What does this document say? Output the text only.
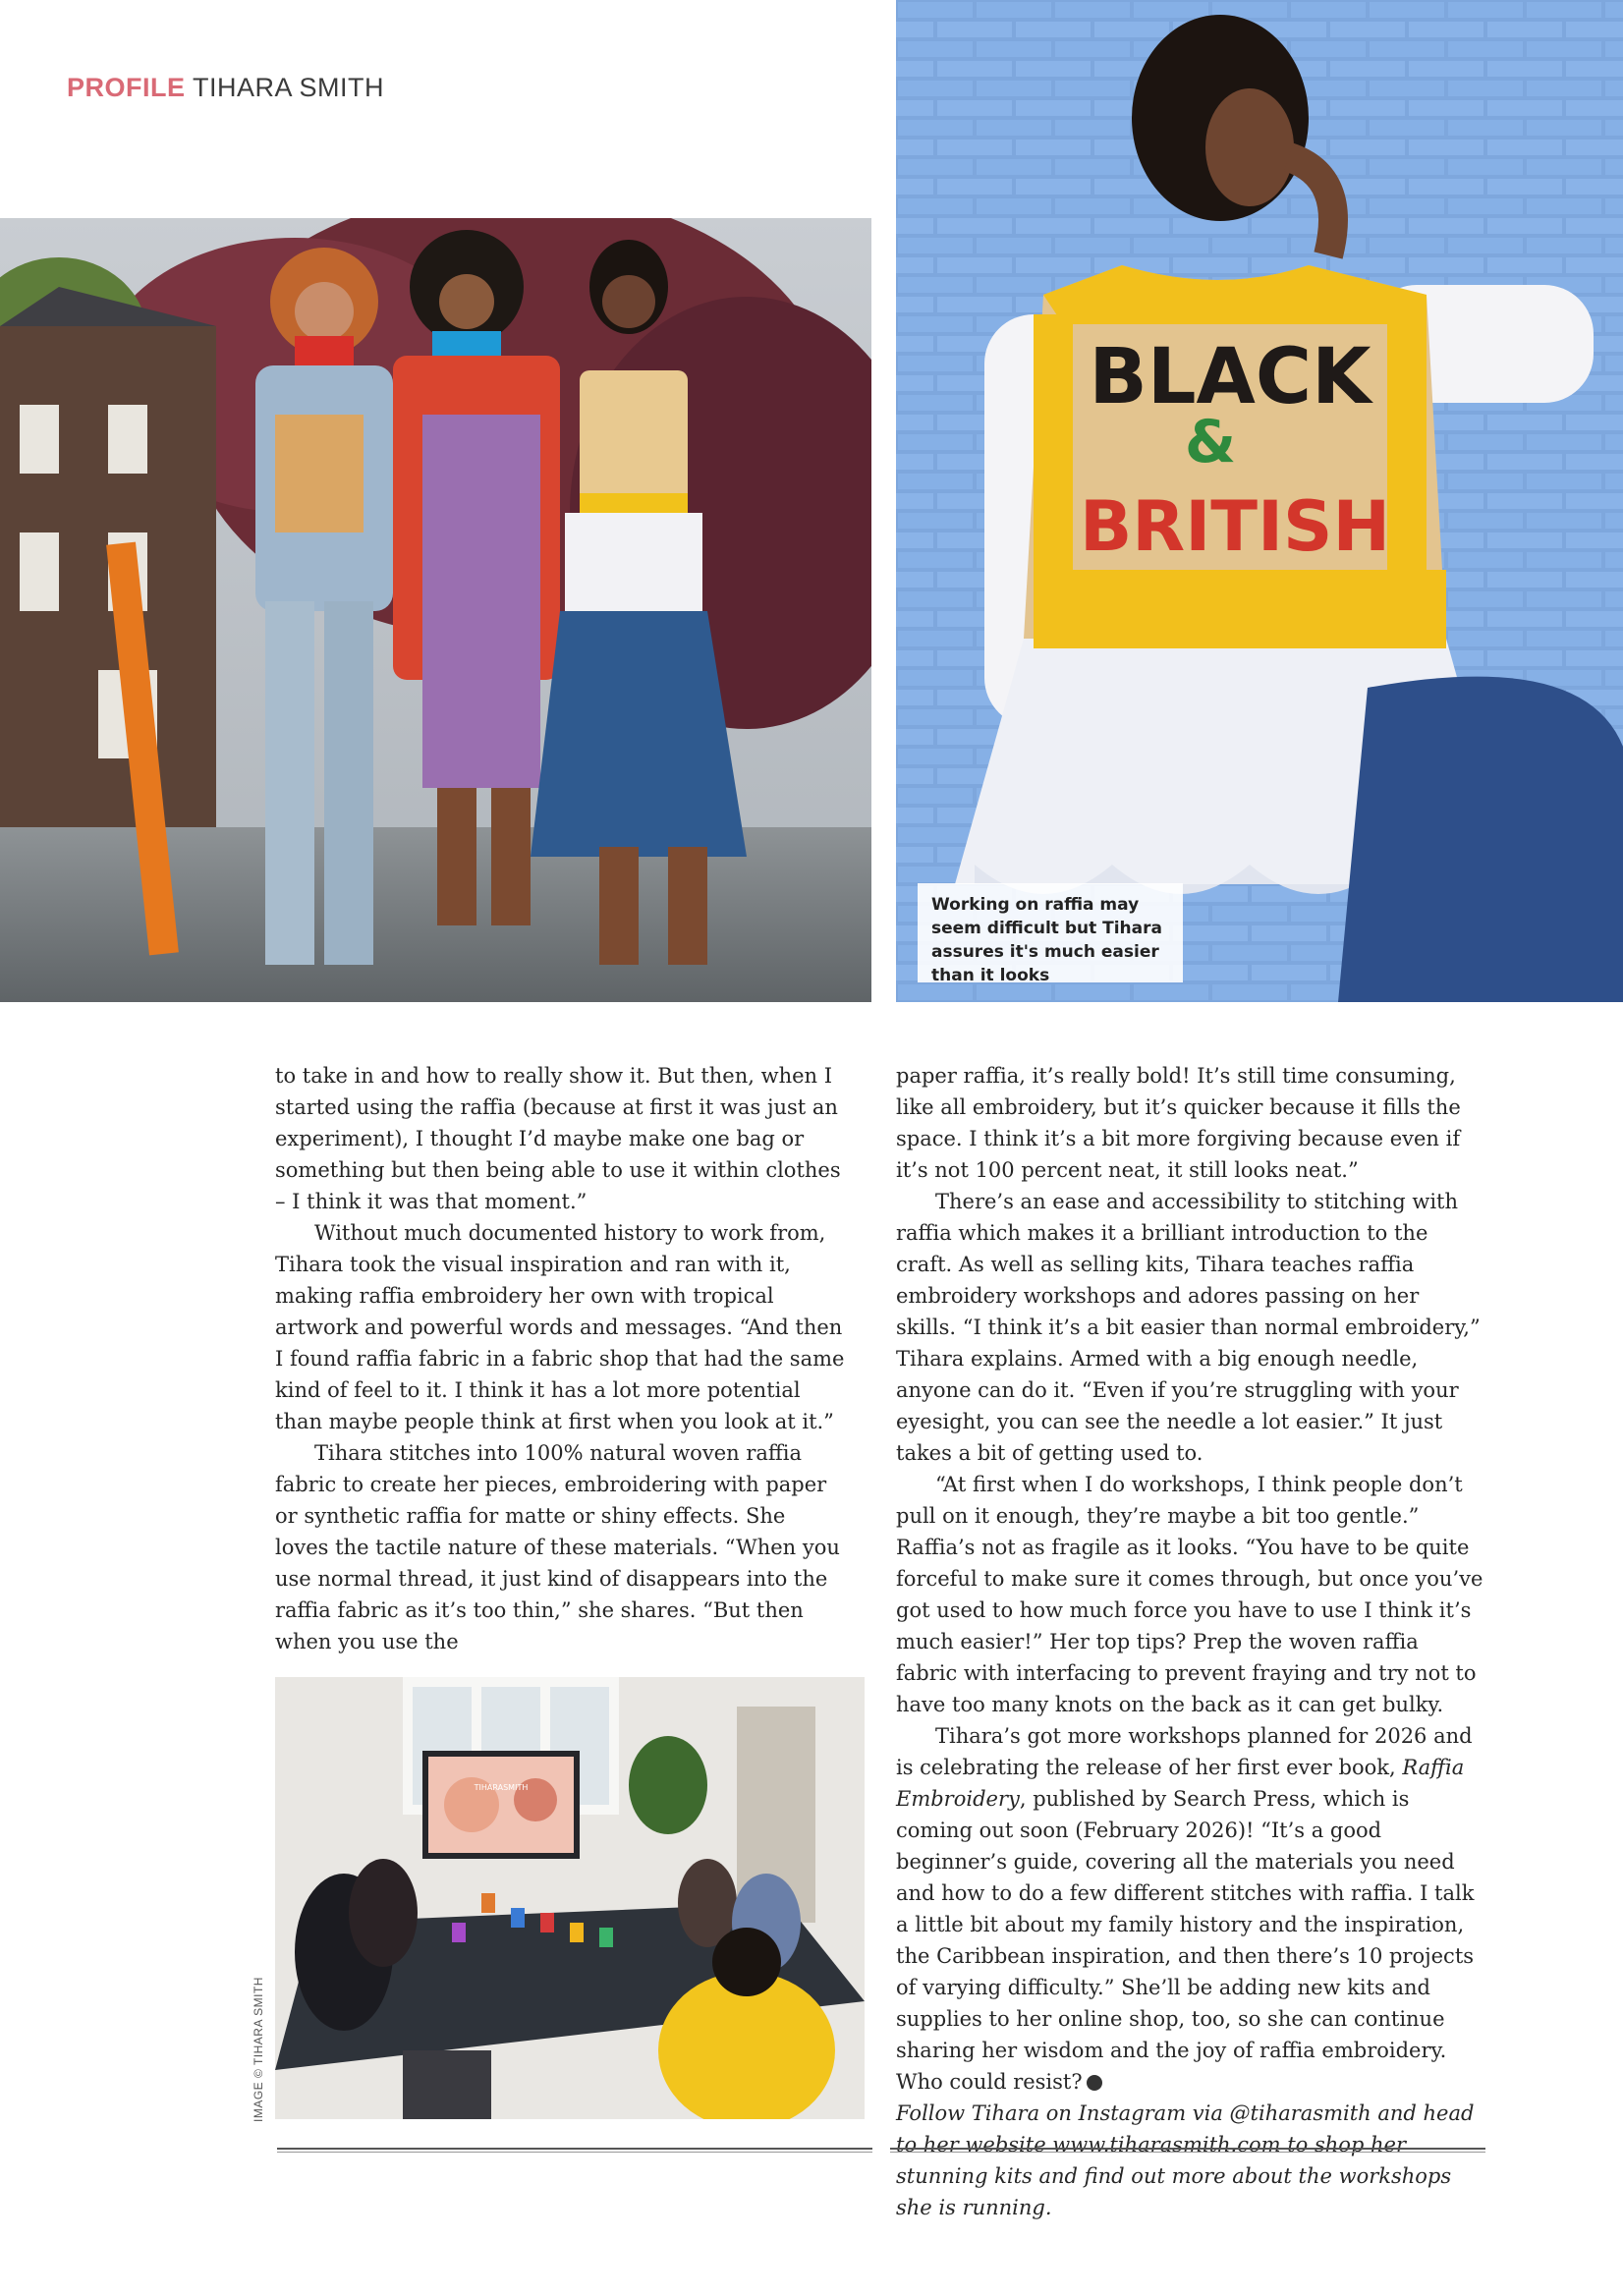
PROFILE TIHARA SMITH
BLACK
&
BRITISH
Working on raffia may seem difficult but Tihara assures it's much easier than it looks
TIHARASMITH
IMAGE © TIHARA SMITH

to take in and how to really show it. But then, when I started using the raffia (because at first it was just an experiment), I thought I’d maybe make one bag or something but then being able to use it within clothes – I think it was that moment.”

Without much documented history to work from, Tihara took the visual inspiration and ran with it, making raffia embroidery her own with tropical artwork and powerful words and messages. “And then I found raffia fabric in a fabric shop that had the same kind of feel to it. I think it has a lot more potential than maybe people think at first when you look at it.”

Tihara stitches into 100% natural woven raffia fabric to create her pieces, embroidering with paper or synthetic raffia for matte or shiny effects. She loves the tactile nature of these materials. “When you use normal thread, it just kind of disappears into the raffia fabric as it’s too thin,” she shares. “But then when you use the

paper raffia, it’s really bold! It’s still time consuming, like all embroidery, but it’s quicker because it fills the space. I think it’s a bit more forgiving because even if it’s not 100 percent neat, it still looks neat.”

There’s an ease and accessibility to stitching with raffia which makes it a brilliant introduction to the craft. As well as selling kits, Tihara teaches raffia embroidery workshops and adores passing on her skills. “I think it’s a bit easier than normal embroidery,” Tihara explains. Armed with a big enough needle, anyone can do it. “Even if you’re struggling with your eyesight, you can see the needle a lot easier.” It just takes a bit of getting used to.

“At first when I do workshops, I think people don’t pull on it enough, they’re maybe a bit too gentle.” Raffia’s not as fragile as it looks. “You have to be quite forceful to make sure it comes through, but once you’ve got used to how much force you have to use I think it’s much easier!” Her top tips? Prep the woven raffia fabric with interfacing to prevent fraying and try not to have too many knots on the back as it can get bulky.

Tihara’s got more workshops planned for 2026 and is celebrating the release of her first ever book, Raffia Embroidery, published by Search Press, which is coming out soon (February 2026)! “It’s a good beginner’s guide, covering all the materials you need and how to do a few different stitches with raffia. I talk a little bit about my family history and the inspiration, the Caribbean inspiration, and then there’s 10 projects of varying difficulty.” She’ll be adding new kits and supplies to her online shop, too, so she can continue sharing her wisdom and the joy of raffia embroidery. Who could resist?

Follow Tihara on Instagram via @tiharasmith and head to her website www.tiharasmith.com to shop her stunning kits and find out more about the workshops she is running.
